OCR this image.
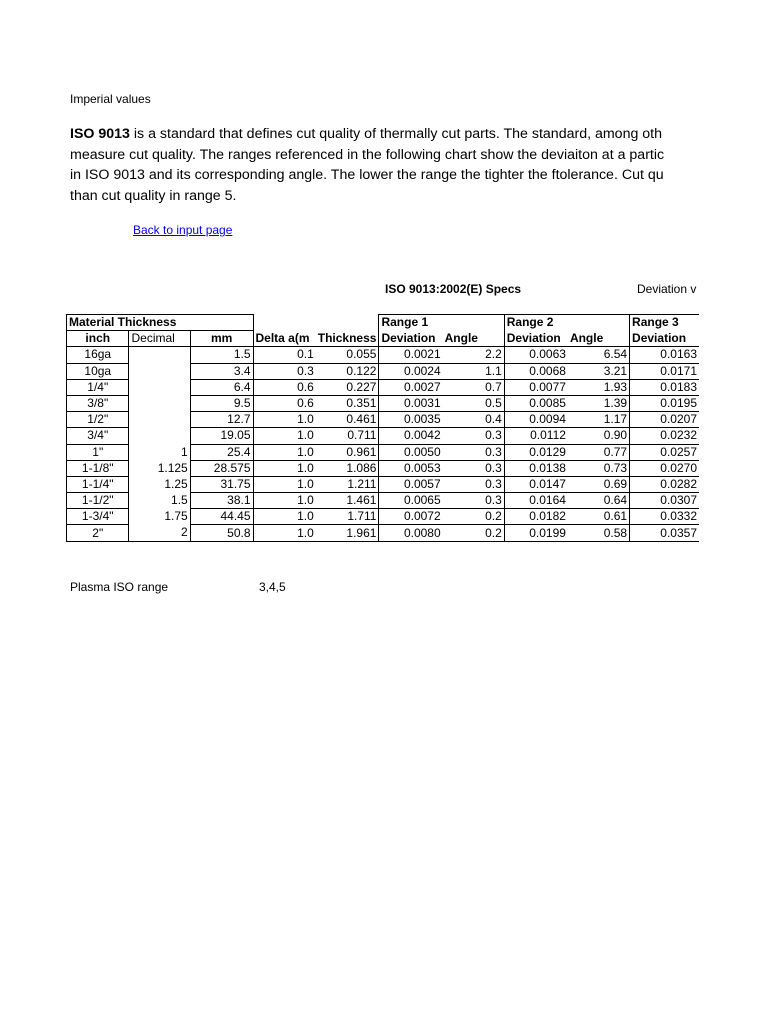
Imperial values
ISO 9013 is a standard that defines cut quality of thermally cut parts. The standard, among oth
measure cut quality. The ranges referenced in the following chart show the deviaiton at a partic
in ISO 9013 and its corresponding angle. The lower the range the tighter the ftolerance. Cut qu
than cut quality in range 5.
Back to input page
ISO 9013:2002(E) Specs	Deviation v
Material Thickness					Range 1		Range 2		Range 3
inch	Decimal	mm	Delta a(m	Thickness	Deviation	Angle	Deviation	Angle	Deviation
16ga		1.5	0.1	0.055	0.0021	2.2	0.0063	6.54	0.0163
10ga		3.4	0.3	0.122	0.0024	1.1	0.0068	3.21	0.0171
1/4"		6.4	0.6	0.227	0.0027	0.7	0.0077	1.93	0.0183
3/8"		9.5	0.6	0.351	0.0031	0.5	0.0085	1.39	0.0195
1/2"		12.7	1.0	0.461	0.0035	0.4	0.0094	1.17	0.0207
3/4"		19.05	1.0	0.711	0.0042	0.3	0.0112	0.90	0.0232
1"	1	25.4	1.0	0.961	0.0050	0.3	0.0129	0.77	0.0257
1-1/8"	1.125	28.575	1.0	1.086	0.0053	0.3	0.0138	0.73	0.0270
1-1/4"	1.25	31.75	1.0	1.211	0.0057	0.3	0.0147	0.69	0.0282
1-1/2"	1.5	38.1	1.0	1.461	0.0065	0.3	0.0164	0.64	0.0307
1-3/4"	1.75	44.45	1.0	1.711	0.0072	0.2	0.0182	0.61	0.0332
2"	2	50.8	1.0	1.961	0.0080	0.2	0.0199	0.58	0.0357
Plasma ISO range	3,4,5
